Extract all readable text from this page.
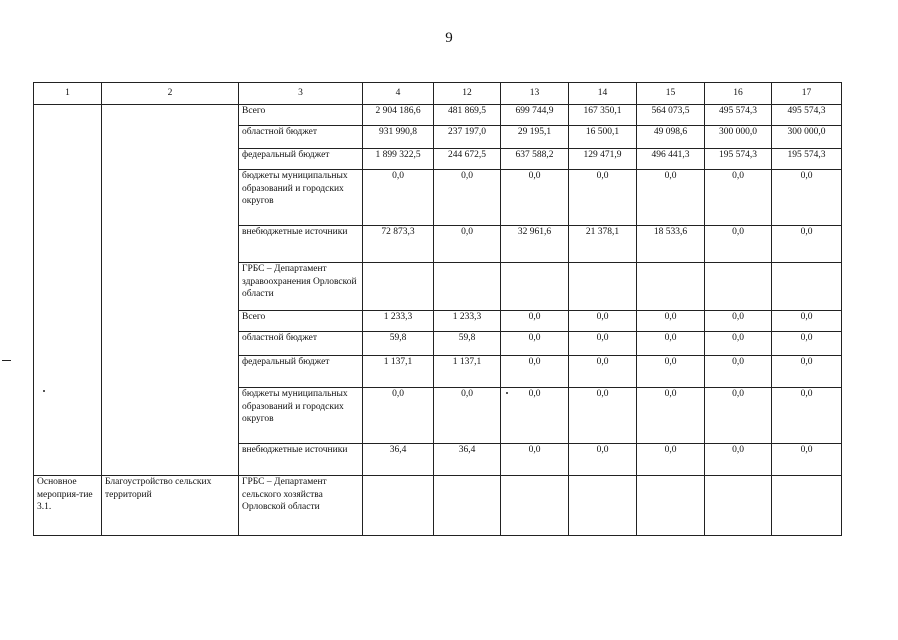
9
1	2	3	4	12	13	14	15	16	17
		Всего	2 904 186,6	481 869,5	699 744,9	167 350,1	564 073,5	495 574,3	495 574,3
		областной бюджет	931 990,8	237 197,0	29 195,1	16 500,1	49 098,6	300 000,0	300 000,0
		федеральный бюджет	1 899 322,5	244 672,5	637 588,2	129 471,9	496 441,3	195 574,3	195 574,3
		бюджеты муниципальных образований и городских округов	0,0	0,0	0,0	0,0	0,0	0,0	0,0
		внебюджетные источники	72 873,3	0,0	32 961,6	21 378,1	18 533,6	0,0	0,0
		ГРБС – Департамент здравоохранения Орловской области							
		Всего	1 233,3	1 233,3	0,0	0,0	0,0	0,0	0,0
		областной бюджет	59,8	59,8	0,0	0,0	0,0	0,0	0,0
		федеральный бюджет	1 137,1	1 137,1	0,0	0,0	0,0	0,0	0,0
		бюджеты муниципальных образований и городских округов	0,0	0,0	0,0	0,0	0,0	0,0	0,0
		внебюджетные источники	36,4	36,4	0,0	0,0	0,0	0,0	0,0
Основное мероприя-тие 3.1.	Благоустройство сельских территорий	ГРБС – Департамент сельского хозяйства Орловской области							
